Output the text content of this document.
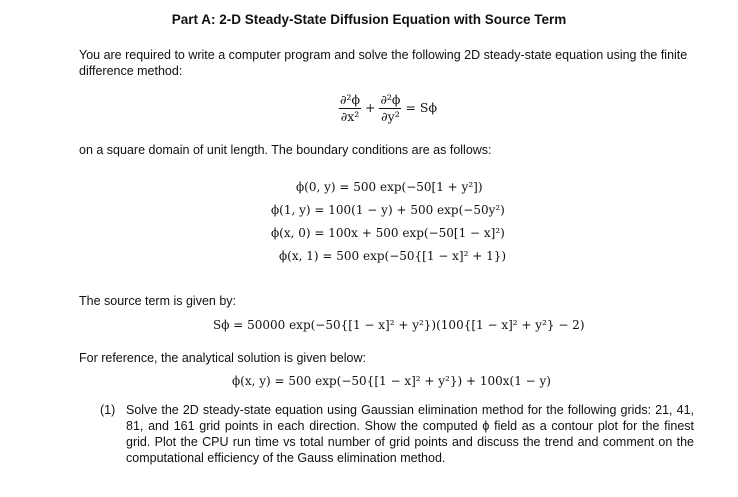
Part A: 2-D Steady-State Diffusion Equation with Source Term
You are required to write a computer program and solve the following 2D steady-state equation using the finite difference method:
$\frac{\text{∂²ϕ}}{\text{∂x²}} + \frac{\text{∂²ϕ}}{\text{∂y²}} = S\phi$
on a square domain of unit length. The boundary conditions are as follows:
ϕ(0, y) = 500 exp(−50[1 + y²])
ϕ(1, y) = 100(1 − y) + 500 exp(−50y²)
ϕ(x, 0) = 100x + 500 exp(−50[1 − x]²)
ϕ(x, 1) = 500 exp(−50{[1 − x]² + 1})
The source term is given by:
Sϕ = 50000 exp(−50{[1 − x]² + y²})(100{[1 − x]² + y²} − 2)
For reference, the analytical solution is given below:
ϕ(x, y) = 500 exp(−50{[1 − x]² + y²}) + 100x(1 − y)
(1) Solve the 2D steady-state equation using Gaussian elimination method for the following grids: 21, 41, 81, and 161 grid points in each direction. Show the computed ϕ field as a contour plot for the finest grid. Plot the CPU run time vs total number of grid points and discuss the trend and comment on the computational efficiency of the Gauss elimination method.
